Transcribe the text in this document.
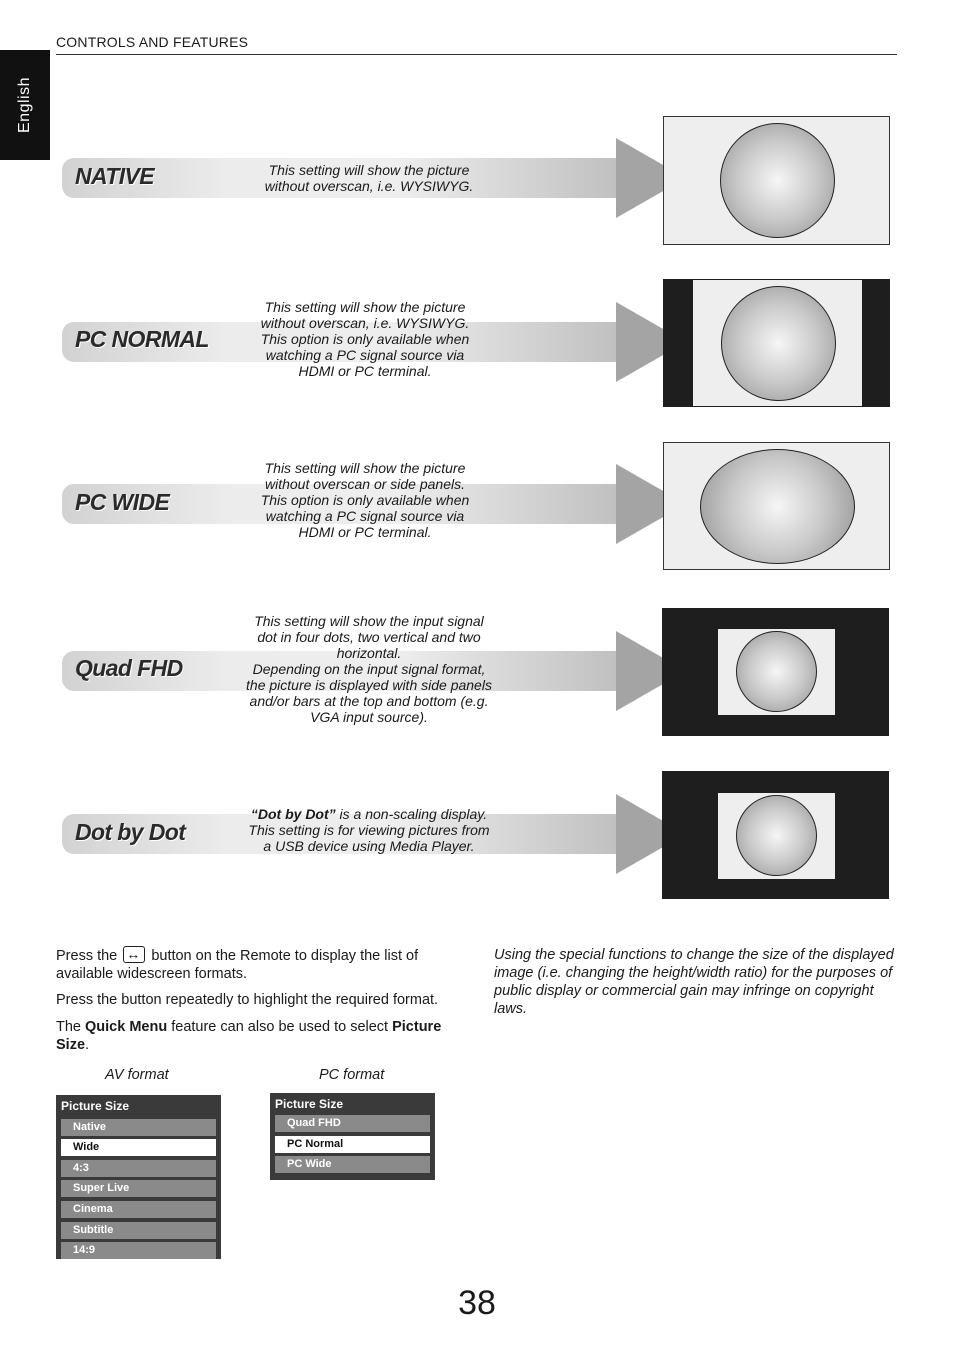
English
CONTROLS AND FEATURES
NATIVE	This setting will show the picture
without overscan, i.e. WYSIWYG.
PC NORMAL
This setting will show the picture
without overscan, i.e. WYSIWYG.
This option is only available when
watching a PC signal source via
HDMI or PC terminal.
PC WIDE
This setting will show the picture
without overscan or side panels.
This option is only available when
watching a PC signal source via
HDMI or PC terminal.
Quad FHD
This setting will show the input signal
dot in four dots, two vertical and two
horizontal.
Depending on the input signal format,
the picture is displayed with side panels
and/or bars at the top and bottom (e.g.
VGA input source).
Dot by Dot
“Dot by Dot” is a non-scaling display.
This setting is for viewing pictures from
a USB device using Media Player.
Press the ↔ button on the Remote to display the list of available widescreen formats.
Press the button repeatedly to highlight the required format.
The Quick Menu feature can also be used to select Picture Size.
Using the special functions to change the size of the displayed image (i.e. changing the height/width ratio) for the purposes of public display or commercial gain may infringe on copyright laws.
AV format	PC format
Picture Size
Native
Wide
4:3
Super Live
Cinema
Subtitle
14:9
Picture Size
Quad FHD
PC Normal
PC Wide
38
